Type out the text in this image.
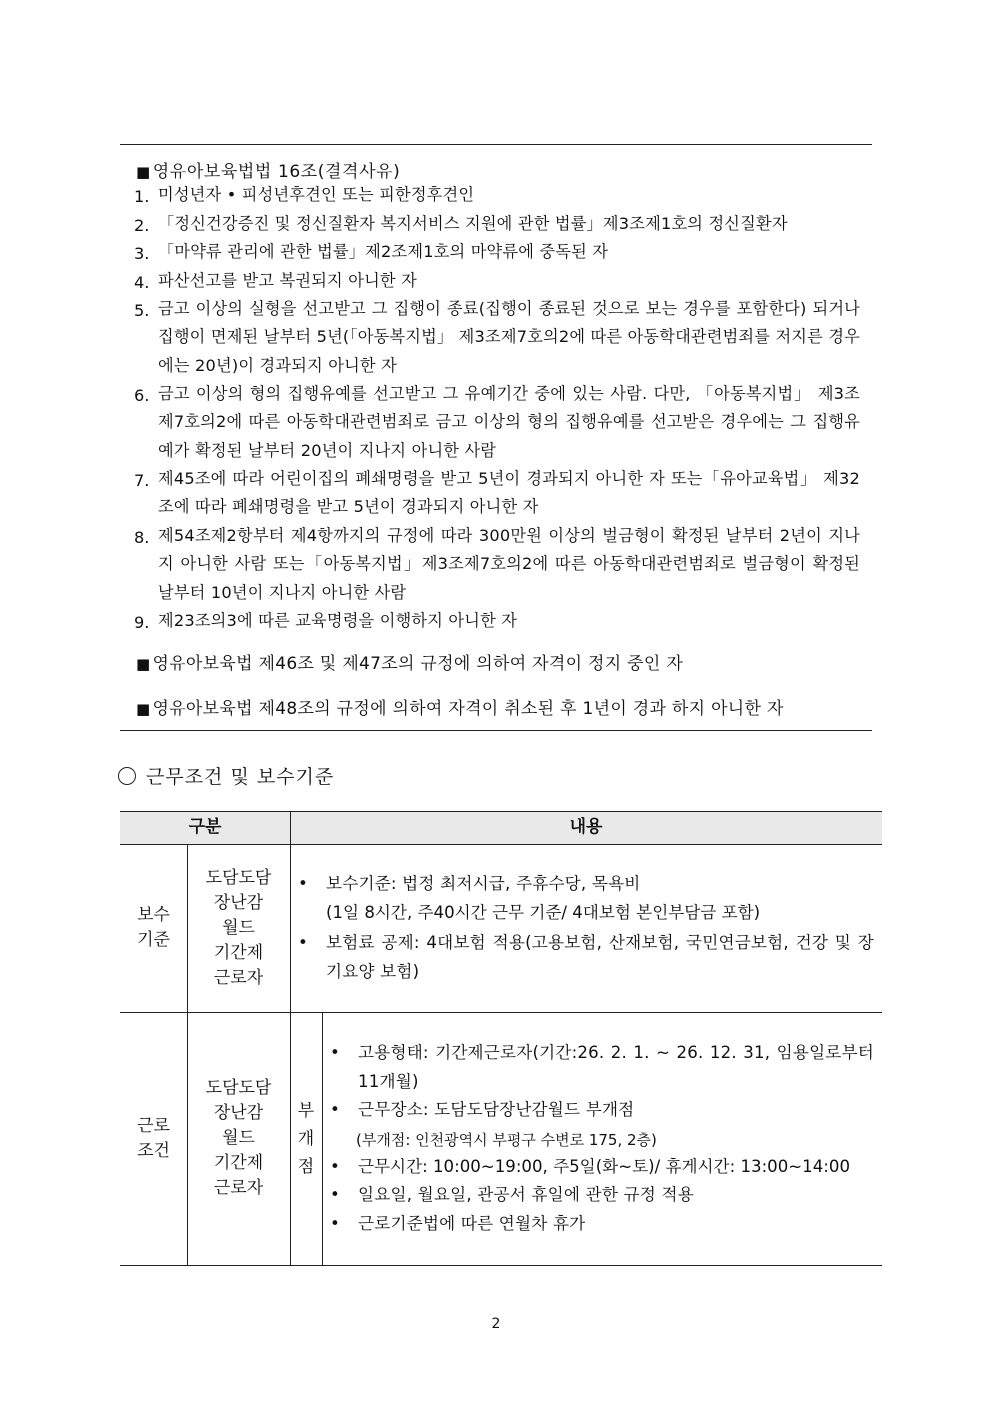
■ 영유아보육법법 16조(결격사유)
1. 미성년자 • 피성년후견인 또는 피한정후견인
2. 「정신건강증진 및 정신질환자 복지서비스 지원에 관한 법률」제3조제1호의 정신질환자
3. 「마약류 관리에 관한 법률」제2조제1호의 마약류에 중독된 자
4. 파산선고를 받고 복권되지 아니한 자
5. 금고 이상의 실형을 선고받고 그 집행이 종료(집행이 종료된 것으로 보는 경우를 포함한다) 되거나 집행이 면제된 날부터 5년(「아동복지법」 제3조제7호의2에 따른 아동학대관련범죄를 저지른 경우에는 20년)이 경과되지 아니한 자
6. 금고 이상의 형의 집행유예를 선고받고 그 유예기간 중에 있는 사람. 다만, 「아동복지법」 제3조제7호의2에 따른 아동학대관련범죄로 금고 이상의 형의 집행유예를 선고받은 경우에는 그 집행유예가 확정된 날부터 20년이 지나지 아니한 사람
7. 제45조에 따라 어린이집의 폐쇄명령을 받고 5년이 경과되지 아니한 자 또는「유아교육법」 제32조에 따라 폐쇄명령을 받고 5년이 경과되지 아니한 자
8. 제54조제2항부터 제4항까지의 규정에 따라 300만원 이상의 벌금형이 확정된 날부터 2년이 지나지 아니한 사람 또는「아동복지법」제3조제7호의2에 따른 아동학대관련범죄로 벌금형이 확정된 날부터 10년이 지나지 아니한 사람
9. 제23조의3에 따른 교육명령을 이행하지 아니한 자
■ 영유아보육법 제46조 및 제47조의 규정에 의하여 자격이 정지 중인 자
■ 영유아보육법 제48조의 규정에 의하여 자격이 취소된 후 1년이 경과 하지 아니한 자
근무조건 및 보수기준
구분	내용
보수
기준
도담도담
장난감
월드
기간제
근로자
• 보수기준: 법정 최저시급, 주휴수당, 목욕비
(1일 8시간, 주40시간 근무 기준/ 4대보험 본인부담금 포함)
• 보험료 공제: 4대보험 적용(고용보험, 산재보험, 국민연금보험, 건강 및 장기요양 보험)
근로
조건
도담도담
장난감
월드
기간제
근로자
부
개
점
• 고용형태: 기간제근로자(기간:26. 2. 1. ~ 26. 12. 31, 임용일로부터 11개월)
• 근무장소: 도담도담장난감월드 부개점
(부개점: 인천광역시 부평구 수변로 175, 2층)
• 근무시간: 10:00~19:00, 주5일(화~토)/ 휴게시간: 13:00~14:00
• 일요일, 월요일, 관공서 휴일에 관한 규정 적용
• 근로기준법에 따른 연월차 휴가
2
